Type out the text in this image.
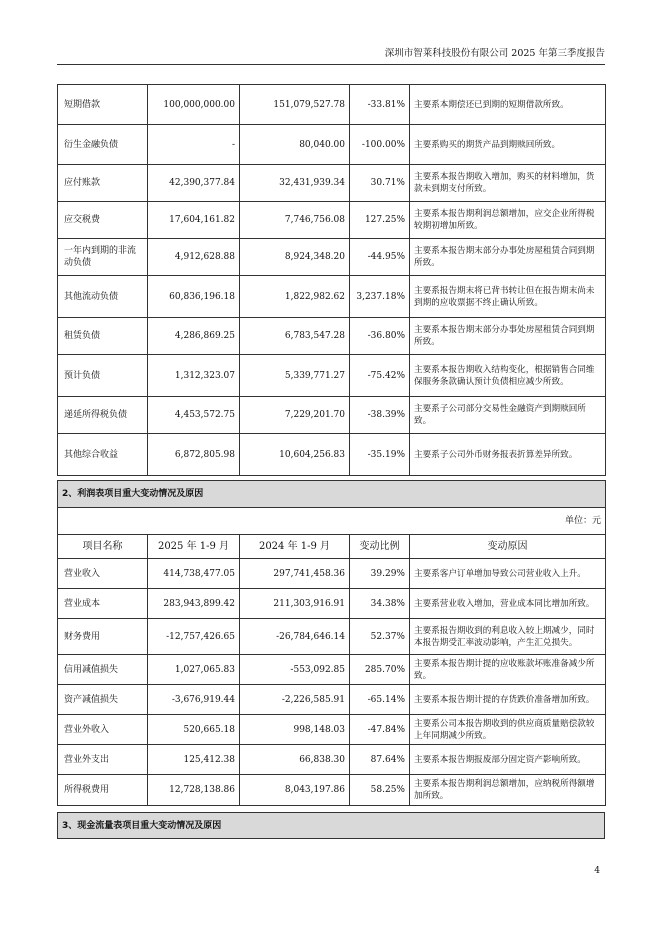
深圳市智莱科技股份有限公司 2025 年第三季度报告
短期借款	100,000,000.00	151,079,527.78	-33.81%	主要系本期偿还已到期的短期借款所致。
衍生金融负债	-	80,040.00	-100.00%	主要系购买的期货产品到期赎回所致。
应付账款	42,390,377.84	32,431,939.34	30.71%	主要系本报告期收入增加，购买的材料增加，货款未到期支付所致。
应交税费	17,604,161.82	7,746,756.08	127.25%	主要系本报告期利润总额增加，应交企业所得税较期初增加所致。
一年内到期的非流动负债	4,912,628.88	8,924,348.20	-44.95%	主要系本报告期末部分办事处房屋租赁合同到期所致。
其他流动负债	60,836,196.18	1,822,982.62	3,237.18%	主要系报告期末将已背书转让但在报告期末尚未到期的应收票据不终止确认所致。
租赁负债	4,286,869.25	6,783,547.28	-36.80%	主要系本报告期末部分办事处房屋租赁合同到期所致。
预计负债	1,312,323.07	5,339,771.27	-75.42%	主要系本报告期收入结构变化，根据销售合同维保服务条款确认预计负债相应减少所致。
递延所得税负债	4,453,572.75	7,229,201.70	-38.39%	主要系子公司部分交易性金融资产到期赎回所致。
其他综合收益	6,872,805.98	10,604,256.83	-35.19%	主要系子公司外币财务报表折算差异所致。
2、利润表项目重大变动情况及原因				
单位：元				
项目名称	2025 年 1-9 月	2024 年 1-9 月	变动比例	变动原因
营业收入	414,738,477.05	297,741,458.36	39.29%	主要系客户订单增加导致公司营业收入上升。
营业成本	283,943,899.42	211,303,916.91	34.38%	主要系营业收入增加，营业成本同比增加所致。
财务费用	-12,757,426.65	-26,784,646.14	52.37%	主要系报告期收到的利息收入较上期减少，同时本报告期受汇率波动影响，产生汇兑损失。
信用减值损失	1,027,065.83	-553,092.85	285.70%	主要系本报告期计提的应收账款坏账准备减少所致。
资产减值损失	-3,676,919.44	-2,226,585.91	-65.14%	主要系本报告期计提的存货跌价准备增加所致。
营业外收入	520,665.18	998,148.03	-47.84%	主要系公司本报告期收到的供应商质量赔偿款较上年同期减少所致。
营业外支出	125,412.38	66,838.30	87.64%	主要系本报告期报废部分固定资产影响所致。
所得税费用	12,728,138.86	8,043,197.86	58.25%	主要系本报告期利润总额增加，应纳税所得额增加所致。
3、现金流量表项目重大变动情况及原因
4
